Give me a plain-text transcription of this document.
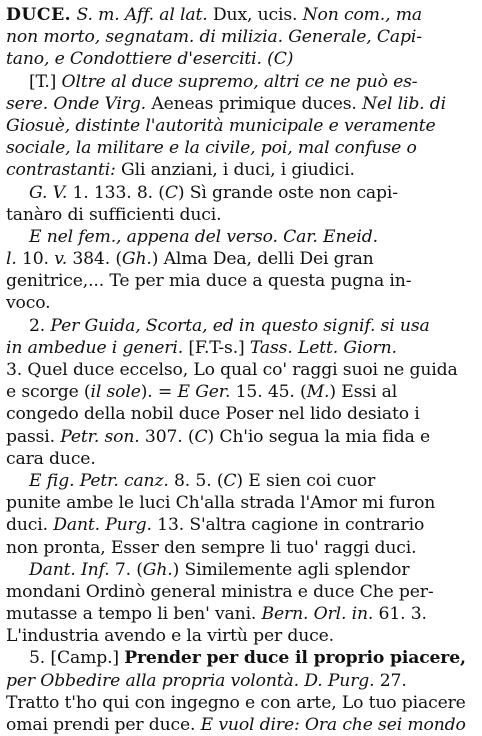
DUCE. S. m. Aff. al lat. Dux, ucis. Non com., ma
non morto, segnatam. di milizia. Generale, Capi-
tano, e Condottiere d'eserciti. (C)
[T.] Oltre al duce supremo, altri ce ne può es-
sere. Onde Virg. Aeneas primique duces. Nel lib. di
Giosuè, distinte l'autorità municipale e veramente
sociale, la militare e la civile, poi, mal confuse o
contrastanti: Gli anziani, i duci, i giudici.
G. V. 1. 133. 8. (C) Sì grande oste non capi-
tanàro di sufficienti duci.
E nel fem., appena del verso. Car. Eneid.
l. 10. v. 384. (Gh.) Alma Dea, delli Dei gran
genitrice,... Te per mia duce a questa pugna in-
voco.
2. Per Guida, Scorta, ed in questo signif. si usa
in ambedue i generi. [F.T-s.] Tass. Lett. Giorn.
3. Quel duce eccelso, Lo qual co' raggi suoi ne guida
e scorge (il sole). = E Ger. 15. 45. (M.) Essi al
congedo della nobil duce Poser nel lido desiato i
passi. Petr. son. 307. (C) Ch'io segua la mia fida e
cara duce.
E fig. Petr. canz. 8. 5. (C) E sien coi cuor
punite ambe le luci Ch'alla strada l'Amor mi furon
duci. Dant. Purg. 13. S'altra cagione in contrario
non pronta, Esser den sempre li tuo' raggi duci.
Dant. Inf. 7. (Gh.) Similemente agli splendor
mondani Ordinò general ministra e duce Che per-
mutasse a tempo li ben' vani. Bern. Orl. in. 61. 3.
L'industria avendo e la virtù per duce.
5. [Camp.] Prender per duce il proprio piacere,
per Obbedire alla propria volontà. D. Purg. 27.
Tratto t'ho qui con ingegno e con arte, Lo tuo piacere
omai prendi per duce. E vuol dire: Ora che sei mondo
